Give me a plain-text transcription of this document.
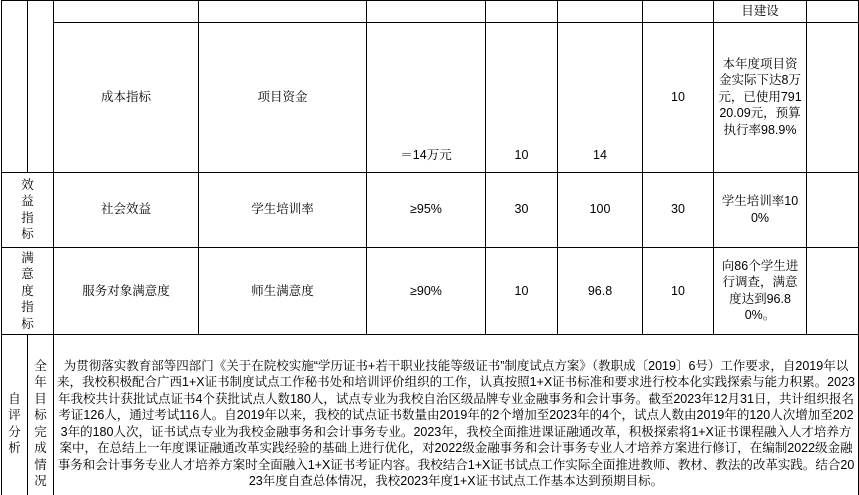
								目建设	
		成本指标	项目资金	＝14万元	10	14	10	本年度项目资金实际下达8万元，已使用79120.09元，预算执行率98.9%	

效益指标		社会效益	学生培训率	≥95%	30	100	30	学生培训率100%	

满意度指标		服务对象满意度	师生满意度	≥90%	10	96.8	10	向86个学生进行调查，满意度达到96.80%。	

自评分析	全年目标完成情况	为贯彻落实教育部等四部门《关于在院校实施“学历证书+若干职业技能等级证书”制度试点方案》（教职成〔2019〕6号）工作要求，自2019年以来，我校积极配合广西1+X证书制度试点工作秘书处和培训评价组织的工作，认真按照1+X证书标准和要求进行校本化实践探索与能力积累。2023年我校共计获批试点证书4个获批试点人数180人，试点专业为我校自治区级品牌专业金融事务和会计事务。截至2023年12月31日，共计组织报名考证126人，通过考试116人。自2019年以来，我校的试点证书数量由2019年的2个增加至2023年的4个，试点人数由2019年的120人次增加至2023年的180人次，证书试点专业为我校金融事务和会计事务专业。2023年，我校全面推进课证融通改革，积极探索将1+X证书课程融入人才培养方案中，在总结上一年度课证融通改革实践经验的基础上进行优化，对2022级金融事务和会计事务专业人才培养方案进行修订，在编制2022级金融事务和会计事务专业人才培养方案时全面融入1+X证书考证内容。我校结合1+X证书试点工作实际全面推进教师、教材、教法的改革实践。结合2023年度自查总体情况，我校2023年度1+X证书试点工作基本达到预期目标。							
